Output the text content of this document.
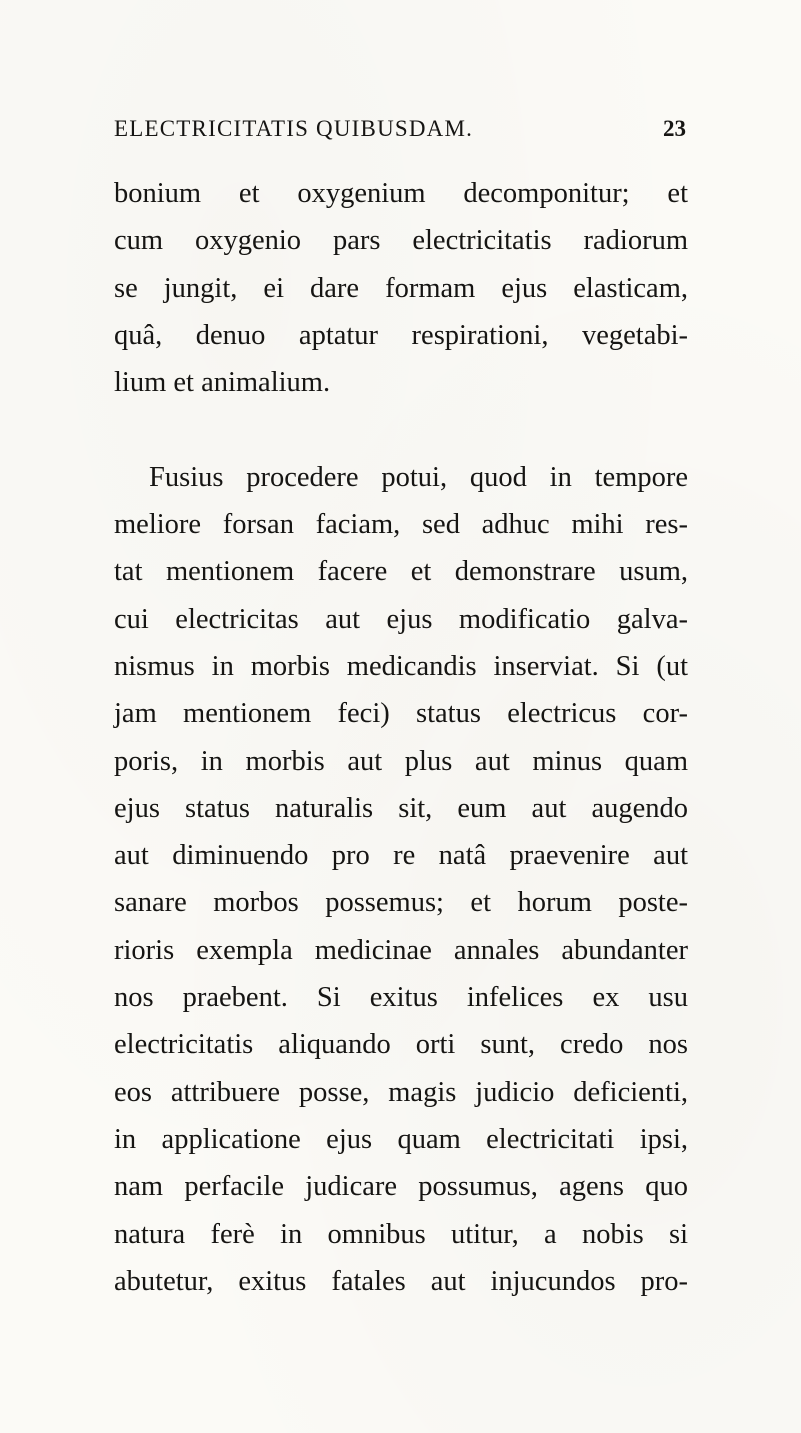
ELECTRICITATIS QUIBUSDAM.	23
bonium et oxygenium decomponitur; et
cum oxygenio pars electricitatis radiorum
se jungit, ei dare formam ejus elasticam,
quâ, denuo aptatur respirationi, vegetabi-
lium et animalium.
Fusius procedere potui, quod in tempore
meliore forsan faciam, sed adhuc mihi res-
tat mentionem facere et demonstrare usum,
cui electricitas aut ejus modificatio galva-
nismus in morbis medicandis inserviat. Si (ut
jam mentionem feci) status electricus cor-
poris, in morbis aut plus aut minus quam
ejus status naturalis sit, eum aut augendo
aut diminuendo pro re natâ praevenire aut
sanare morbos possemus; et horum poste-
rioris exempla medicinae annales abundanter
nos praebent. Si exitus infelices ex usu
electricitatis aliquando orti sunt, credo nos
eos attribuere posse, magis judicio deficienti,
in applicatione ejus quam electricitati ipsi,
nam perfacile judicare possumus, agens quo
natura ferè in omnibus utitur, a nobis si
abutetur, exitus fatales aut injucundos pro-
